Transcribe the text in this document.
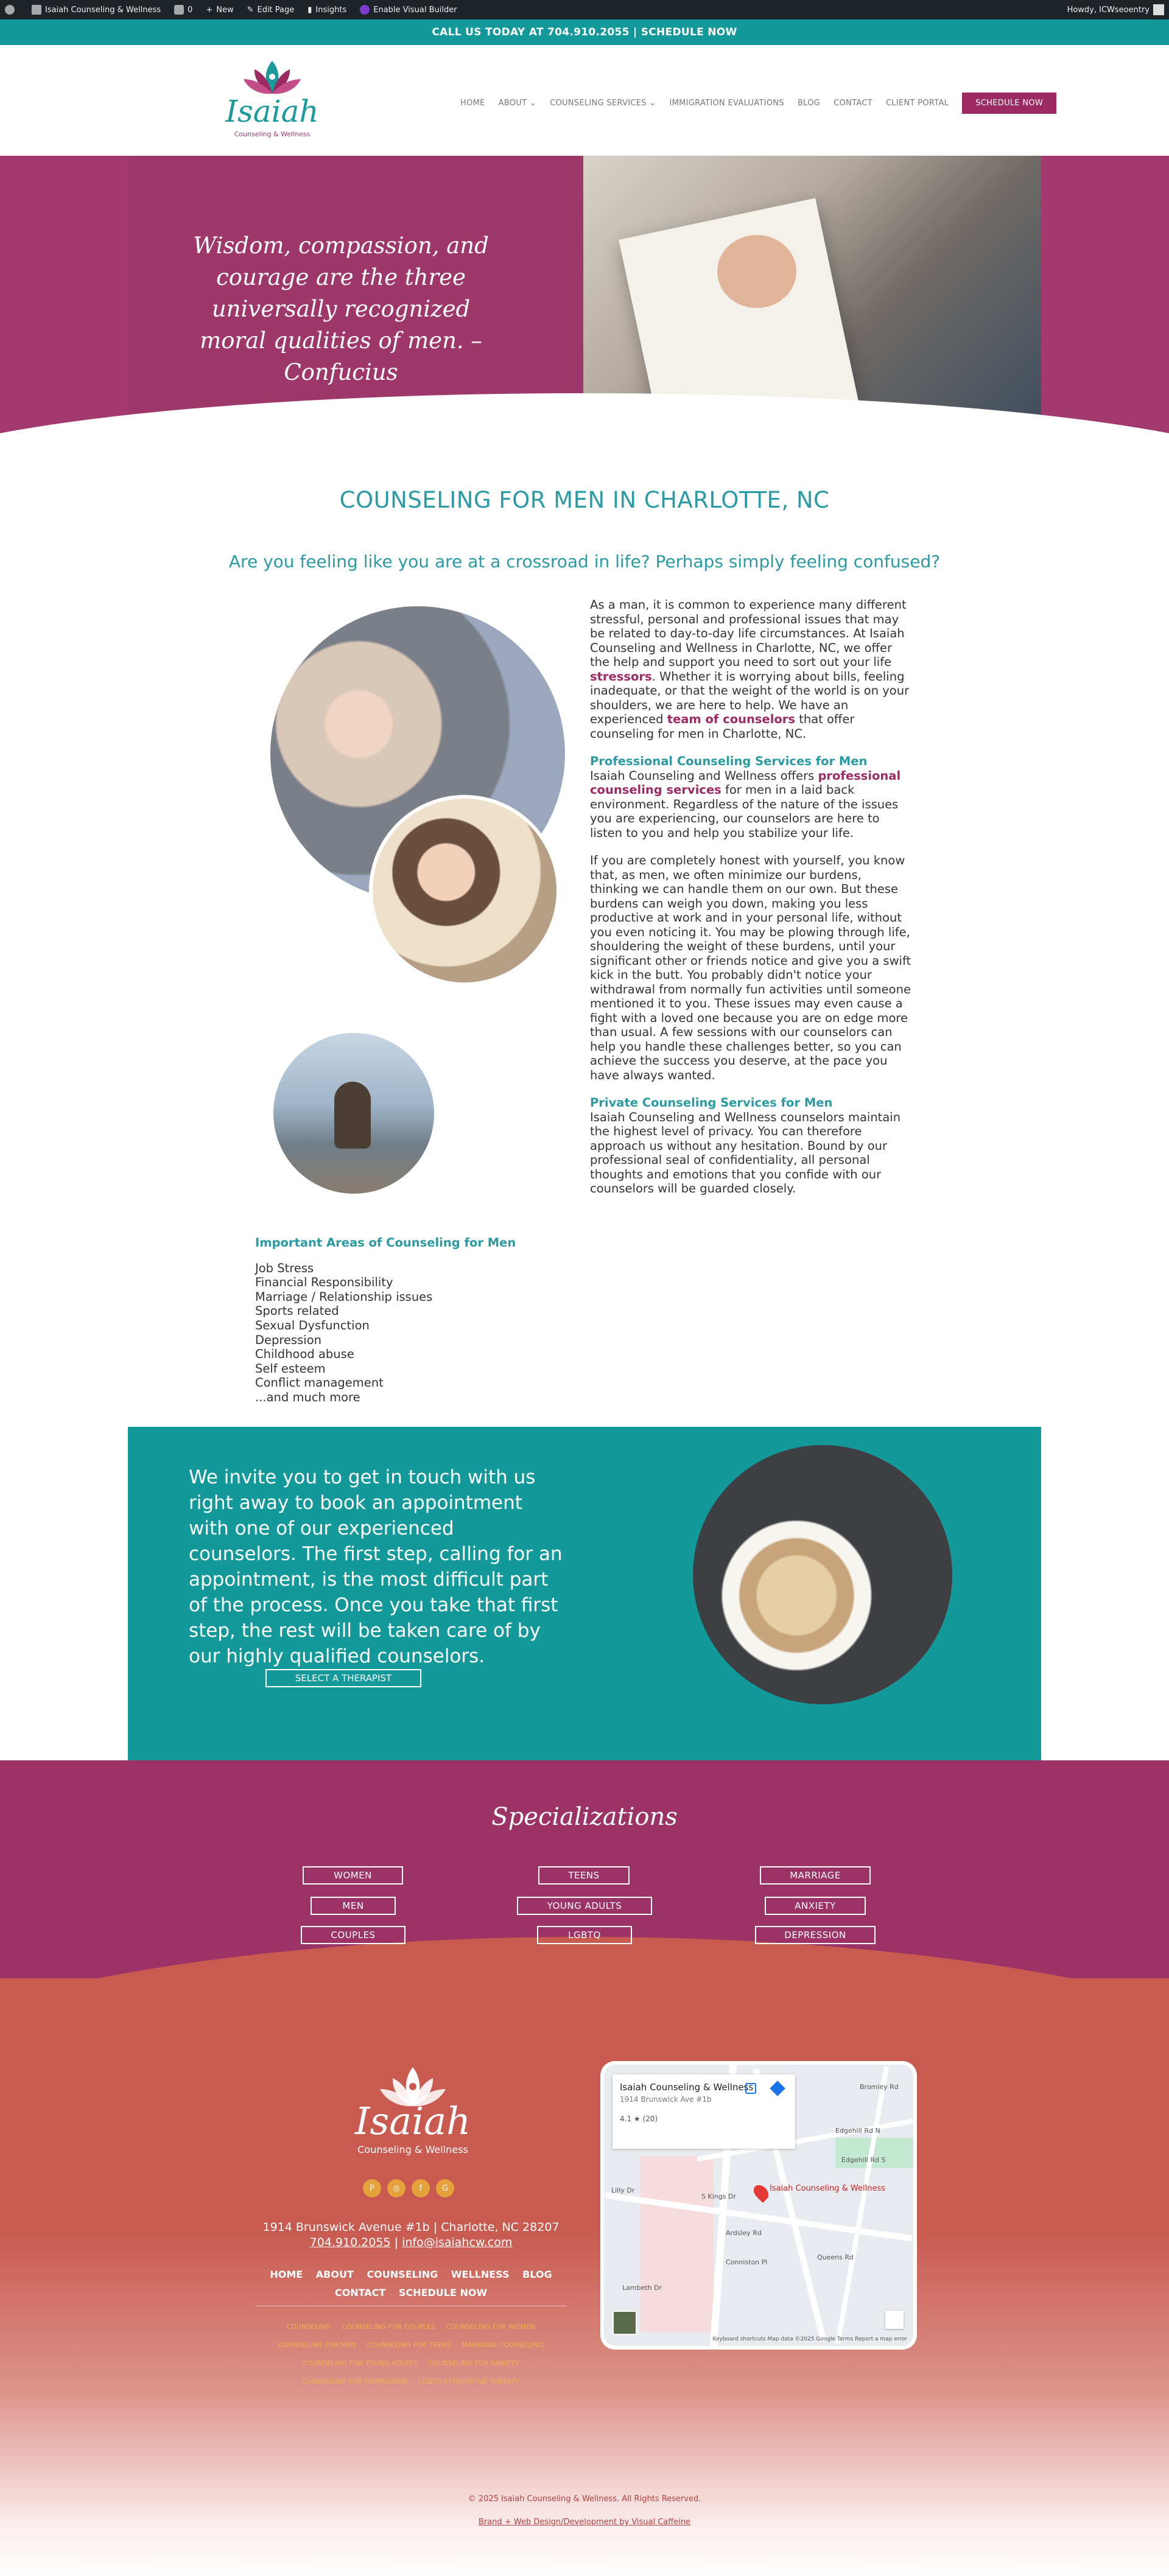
Isaiah Counseling & Wellness	0 + New ✎ Edit Page ▮ Insights	Enable Visual Builder	Howdy, ICWseoentry
CALL US TODAY AT 704.910.2055 | SCHEDULE NOW
Isaiah
Counseling & Wellness
HOME ABOUT ⌄ COUNSELING SERVICES ⌄ IMMIGRATION EVALUATIONS BLOG CONTACT CLIENT PORTAL	SCHEDULE NOW
Wisdom, compassion, and courage are the three universally recognized moral qualities of men. – Confucius
COUNSELING FOR MEN IN CHARLOTTE, NC
Are you feeling like you are at a crossroad in life? Perhaps simply feeling confused?

As a man, it is common to experience many different stressful, personal and professional issues that may be related to day-to-day life circumstances. At Isaiah Counseling and Wellness in Charlotte, NC, we offer the help and support you need to sort out your life stressors. Whether it is worrying about bills, feeling inadequate, or that the weight of the world is on your shoulders, we are here to help. We have an experienced team of counselors that offer counseling for men in Charlotte, NC.

Professional Counseling Services for Men
Isaiah Counseling and Wellness offers professional counseling services for men in a laid back environment. Regardless of the nature of the issues you are experiencing, our counselors are here to listen to you and help you stabilize your life.

If you are completely honest with yourself, you know that, as men, we often minimize our burdens, thinking we can handle them on our own. But these burdens can weigh you down, making you less productive at work and in your personal life, without you even noticing it. You may be plowing through life, shouldering the weight of these burdens, until your significant other or friends notice and give you a swift kick in the butt. You probably didn't notice your withdrawal from normally fun activities until someone mentioned it to you. These issues may even cause a fight with a loved one because you are on edge more than usual. A few sessions with our counselors can help you handle these challenges better, so you can achieve the success you deserve, at the pace you have always wanted.

Private Counseling Services for Men
Isaiah Counseling and Wellness counselors maintain the highest level of privacy. You can therefore approach us without any hesitation. Bound by our professional seal of confidentiality, all personal thoughts and emotions that you confide with our counselors will be guarded closely.

Important Areas of Counseling for Men
Job Stress
Financial Responsibility
Marriage / Relationship issues
Sports related
Sexual Dysfunction
Depression
Childhood abuse
Self esteem
Conflict management
...and much more
We invite you to get in touch with us right away to book an appointment with one of our experienced counselors. The first step, calling for an appointment, is the most difficult part of the process. Once you take that first step, the rest will be taken care of by our highly qualified counselors.
SELECT A THERAPIST
Specializations
WOMEN	TEENS	MARRIAGE
MEN	YOUNG ADULTS	ANXIETY
COUPLES	LGBTQ	DEPRESSION
Isaiah
Counseling & Wellness
P	◎	f	G
1914 Brunswick Avenue #1b | Charlotte, NC 28207
704.910.2055 | info@isaiahcw.com
HOME ABOUT COUNSELING WELLNESS BLOG
CONTACT SCHEDULE NOW
COUNSELING COUNSELING FOR COUPLES COUNSELING FOR WOMEN
COUNSELING FOR MEN COUNSELING FOR TEENS MARRIAGE COUNSELING
COUNSELING FOR YOUNG ADULTS COUNSELING FOR ANXIETY
COUNSELING FOR DEPRESSION LGBTQ AFFIRMATIVE THERAPY
Isaiah Counseling & Wellness
Bromley Rd
Edgehill Rd N
Edgehill Rd S
Ardsley Rd
Lilly Dr
Conniston Pl
Lambeth Dr
S Kings Dr
Queens Rd
Isaiah Counseling & Wellness
1914 Brunswick Ave #1b
4.1 ★ (20)
Keyboard shortcuts Map data ©2025 Google Terms Report a map error
© 2025 Isaiah Counseling & Wellness. All Rights Reserved.
Brand + Web Design/Development by Visual Caffeine
